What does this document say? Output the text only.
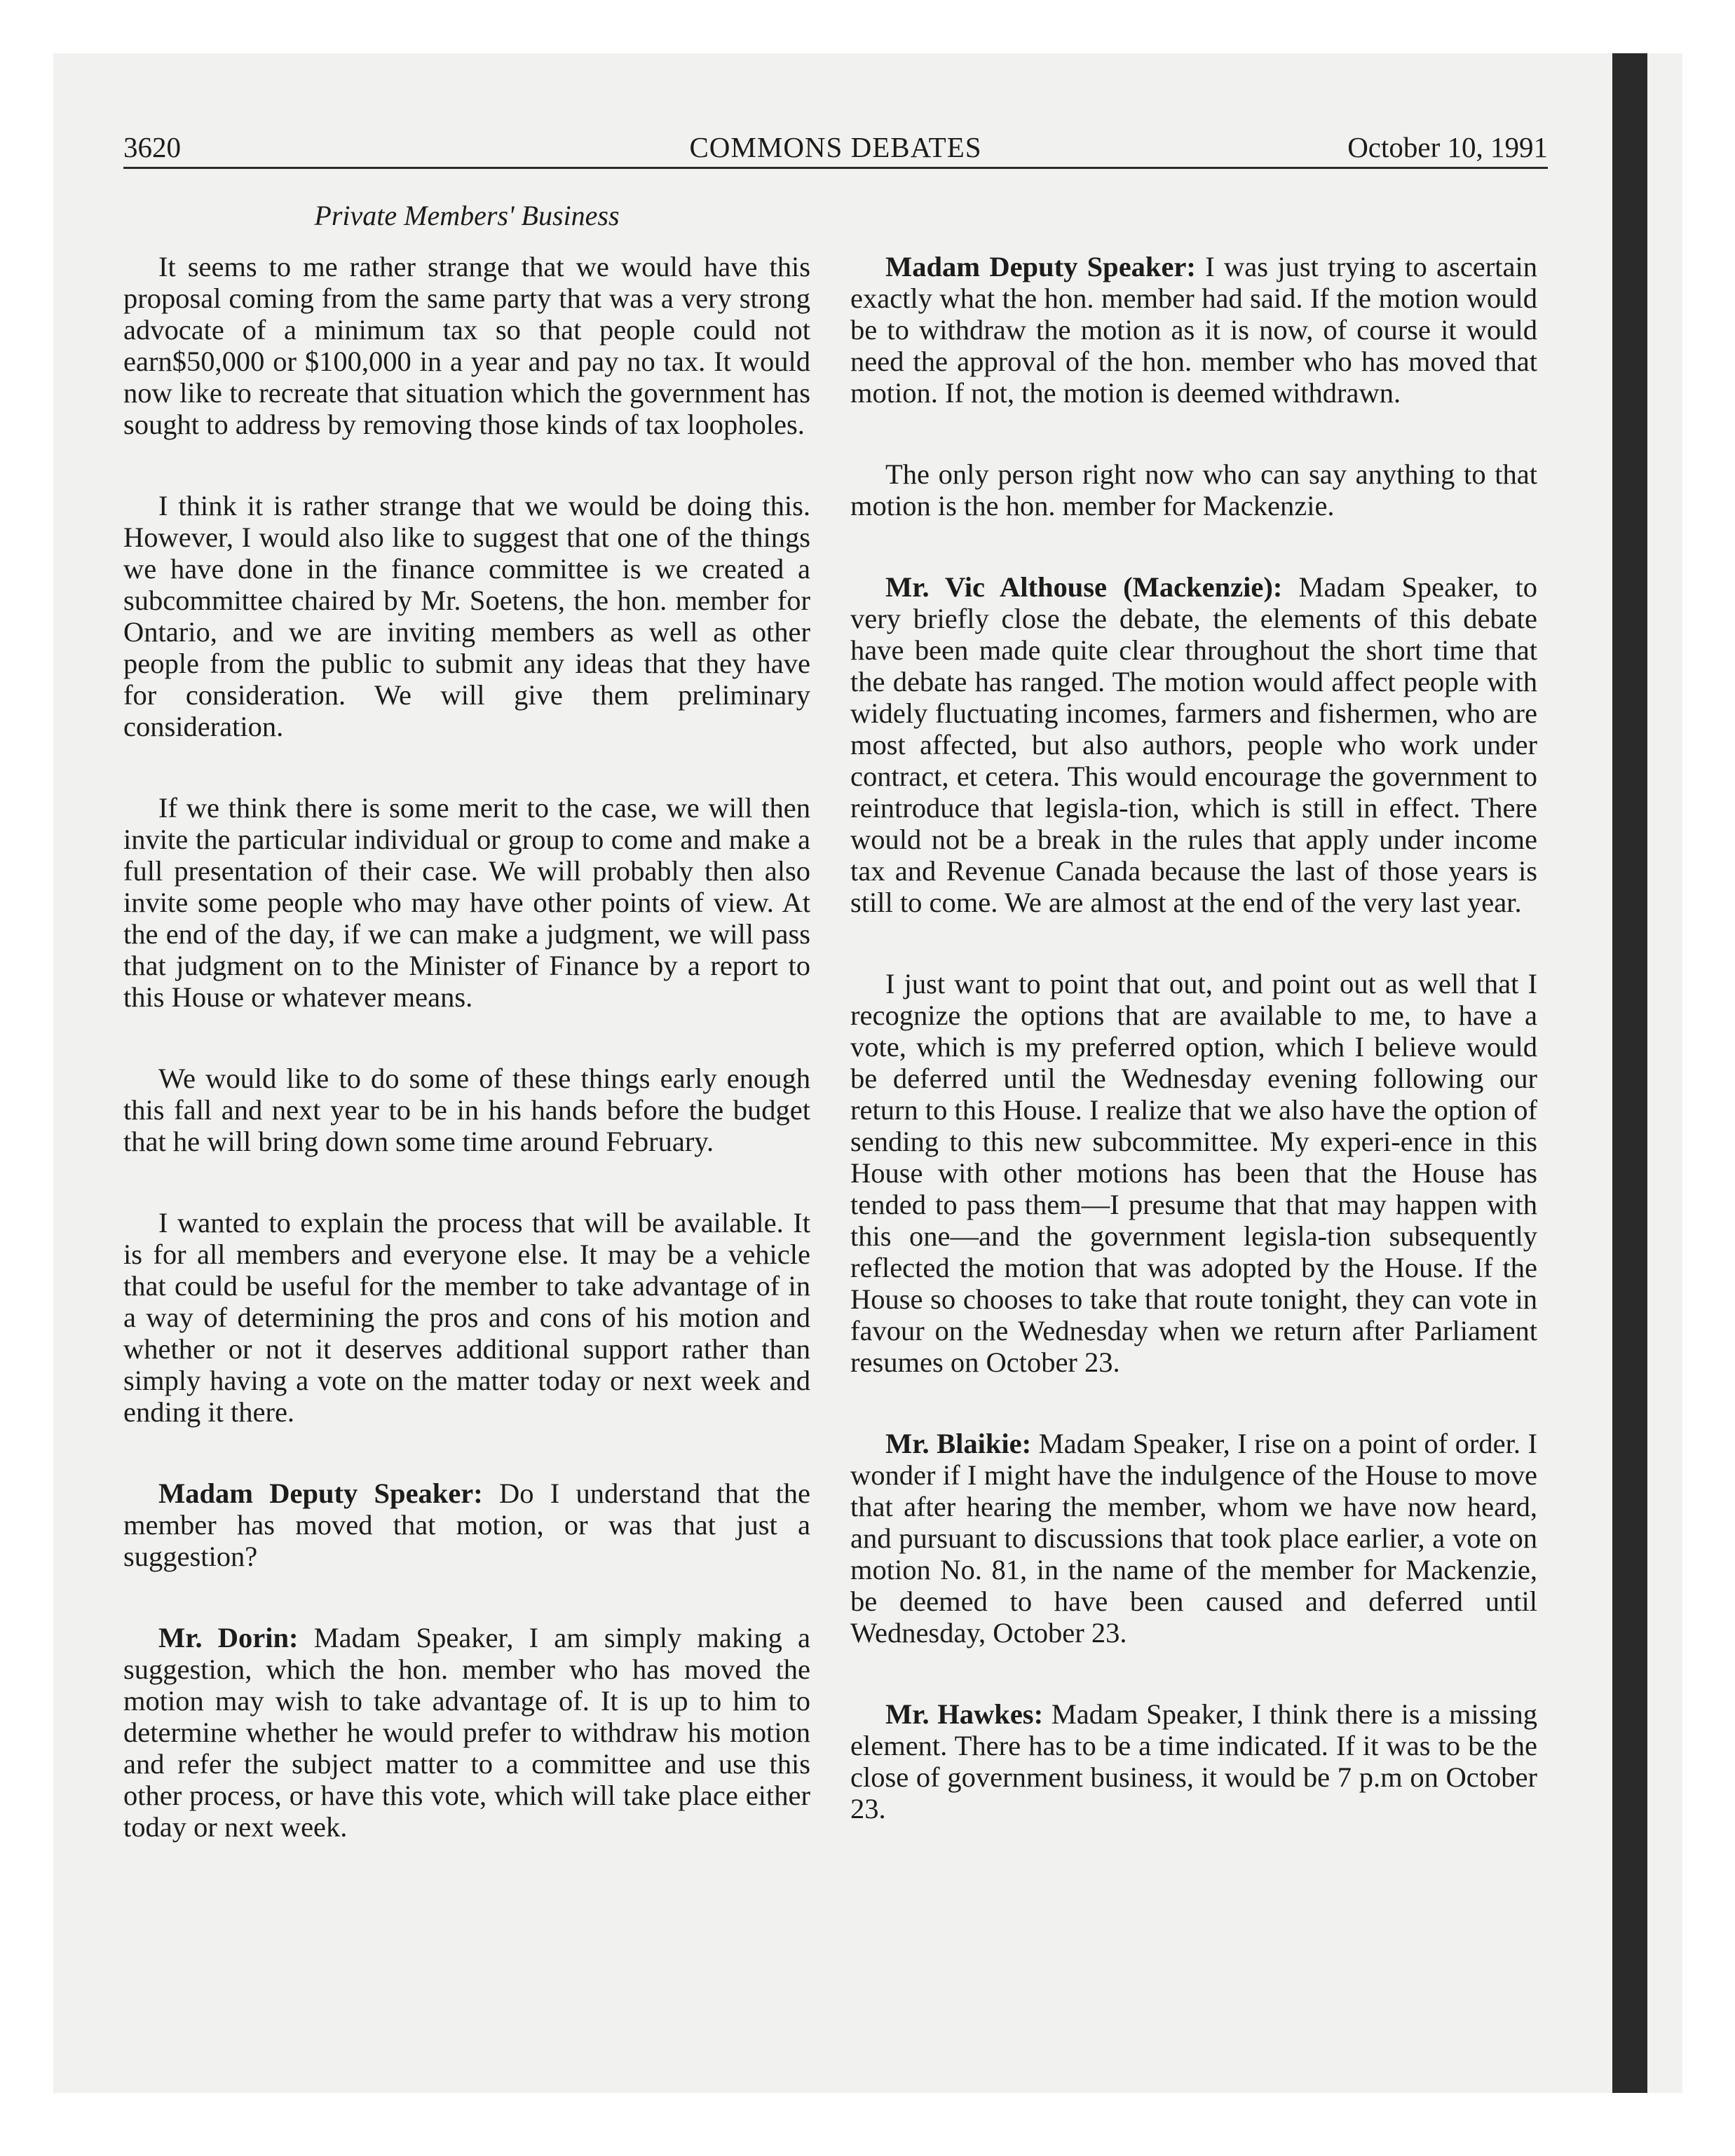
3620	COMMONS DEBATES	October 10, 1991
Private Members' Business

It seems to me rather strange that we would have this proposal coming from the same party that was a very strong advocate of a minimum tax so that people could not earn$50,000 or $100,000 in a year and pay no tax. It would now like to recreate that situation which the government has sought to address by removing those kinds of tax loopholes.

I think it is rather strange that we would be doing this. However, I would also like to suggest that one of the things we have done in the finance committee is we created a subcommittee chaired by Mr. Soetens, the hon. member for Ontario, and we are inviting members as well as other people from the public to submit any ideas that they have for consideration. We will give them preliminary consideration.

If we think there is some merit to the case, we will then invite the particular individual or group to come and make a full presentation of their case. We will probably then also invite some people who may have other points of view. At the end of the day, if we can make a judgment, we will pass that judgment on to the Minister of Finance by a report to this House or whatever means.

We would like to do some of these things early enough this fall and next year to be in his hands before the budget that he will bring down some time around February.

I wanted to explain the process that will be available. It is for all members and everyone else. It may be a vehicle that could be useful for the member to take advantage of in a way of determining the pros and cons of his motion and whether or not it deserves additional support rather than simply having a vote on the matter today or next week and ending it there.

Madam Deputy Speaker: Do I understand that the member has moved that motion, or was that just a suggestion?

Mr. Dorin: Madam Speaker, I am simply making a suggestion, which the hon. member who has moved the motion may wish to take advantage of. It is up to him to determine whether he would prefer to withdraw his motion and refer the subject matter to a committee and use this other process, or have this vote, which will take place either today or next week.

Madam Deputy Speaker: I was just trying to ascertain exactly what the hon. member had said. If the motion would be to withdraw the motion as it is now, of course it would need the approval of the hon. member who has moved that motion. If not, the motion is deemed withdrawn.

The only person right now who can say anything to that motion is the hon. member for Mackenzie.

Mr. Vic Althouse (Mackenzie): Madam Speaker, to very briefly close the debate, the elements of this debate have been made quite clear throughout the short time that the debate has ranged. The motion would affect people with widely fluctuating incomes, farmers and fishermen, who are most affected, but also authors, people who work under contract, et cetera. This would encourage the government to reintroduce that legisla-tion, which is still in effect. There would not be a break in the rules that apply under income tax and Revenue Canada because the last of those years is still to come. We are almost at the end of the very last year.

I just want to point that out, and point out as well that I recognize the options that are available to me, to have a vote, which is my preferred option, which I believe would be deferred until the Wednesday evening following our return to this House. I realize that we also have the option of sending to this new subcommittee. My experi-ence in this House with other motions has been that the House has tended to pass them—I presume that that may happen with this one—and the government legisla-tion subsequently reflected the motion that was adopted by the House. If the House so chooses to take that route tonight, they can vote in favour on the Wednesday when we return after Parliament resumes on October 23.

Mr. Blaikie: Madam Speaker, I rise on a point of order. I wonder if I might have the indulgence of the House to move that after hearing the member, whom we have now heard, and pursuant to discussions that took place earlier, a vote on motion No. 81, in the name of the member for Mackenzie, be deemed to have been caused and deferred until Wednesday, October 23.

Mr. Hawkes: Madam Speaker, I think there is a missing element. There has to be a time indicated. If it was to be the close of government business, it would be 7 p.m on October 23.
